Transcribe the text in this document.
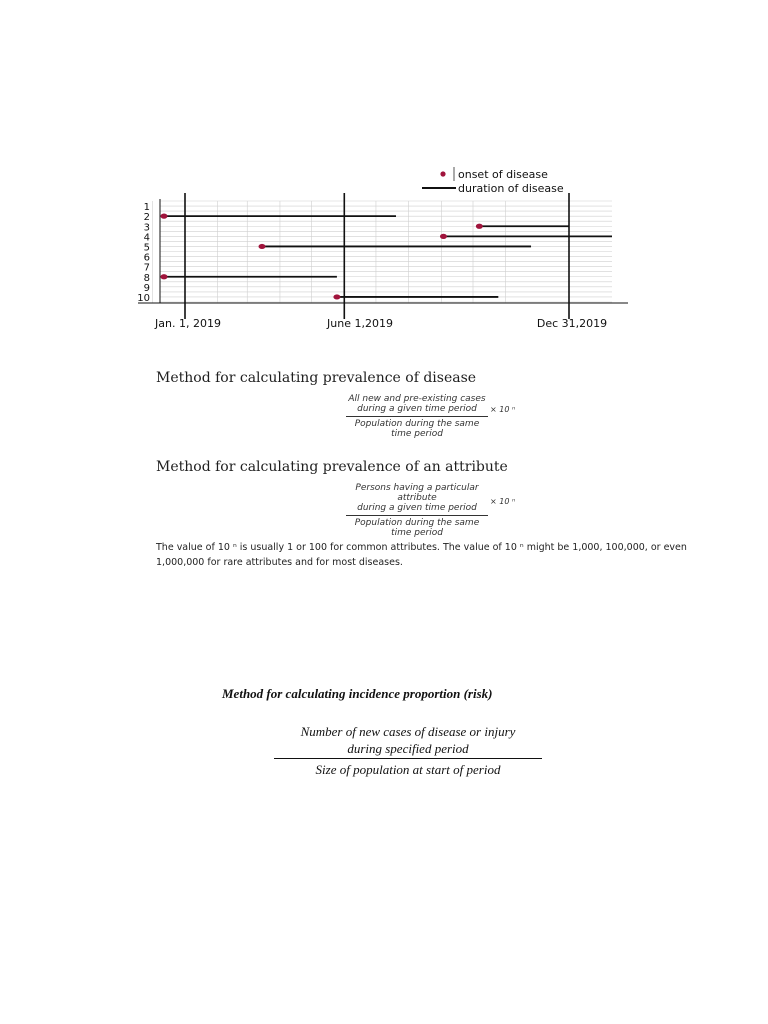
onset of disease
duration of disease
1
2
3
4
5
6
7
8
9
10
Jan. 1, 2019	June 1,2019	Dec 31,2019
Method for calculating prevalence of disease
All new and pre-existing cases
during a given time period
Population during the same
time period
× 10 ⁿ
Method for calculating prevalence of an attribute
Persons having a particular
attribute
during a given time period
Population during the same
time period
× 10 ⁿ
The value of 10 ⁿ is usually 1 or 100 for common attributes. The value of 10 ⁿ might be 1,000, 100,000, or even 1,000,000 for rare attributes and for most diseases.
Method for calculating incidence proportion (risk)
Number of new cases of disease or injury
during specified period
Size of population at start of period
